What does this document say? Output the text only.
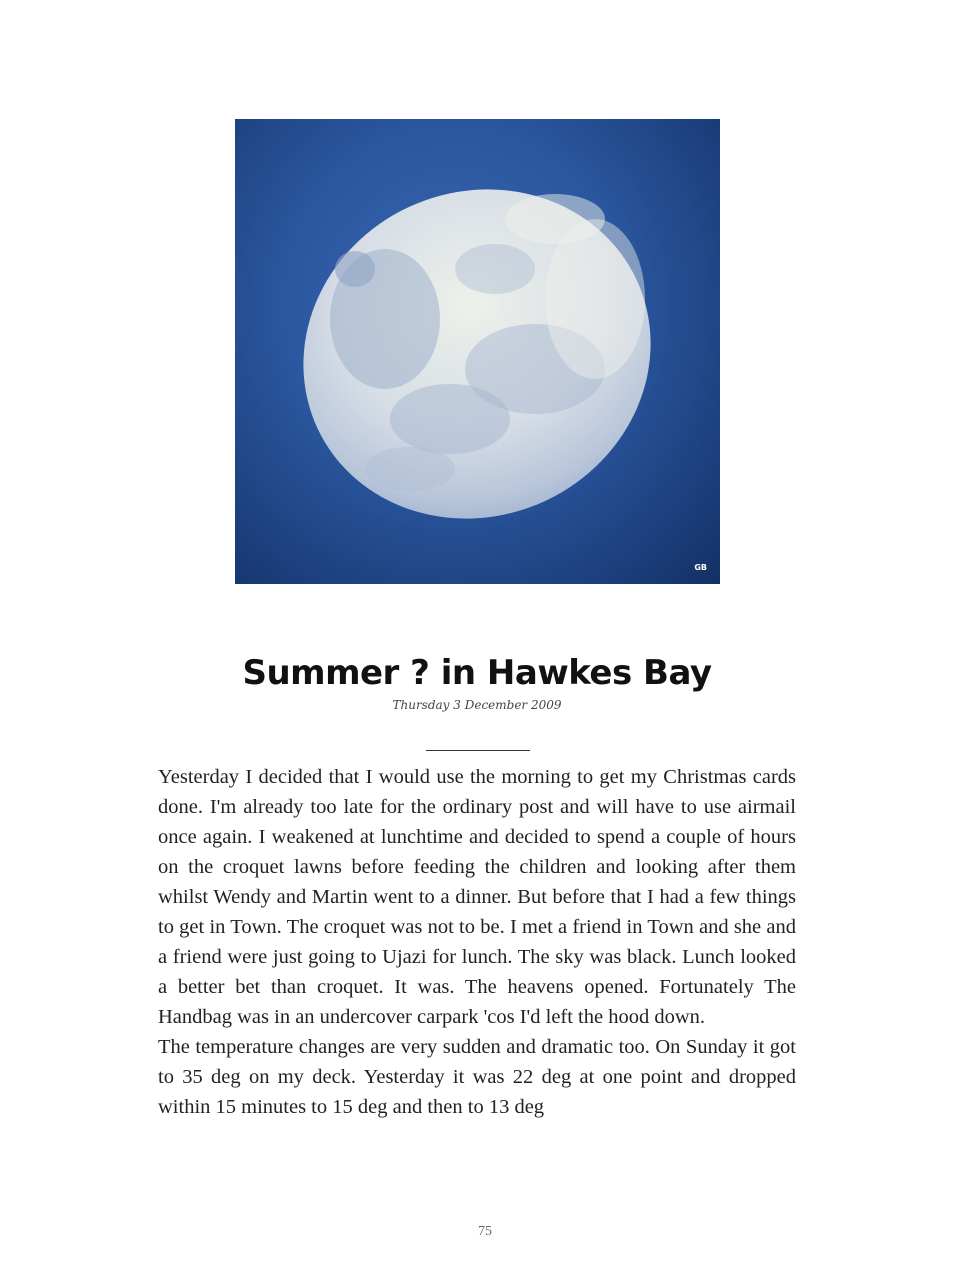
GB
Summer ? in Hawkes Bay
Thursday 3 December 2009

Yesterday I decided that I would use the morning to get my Christmas cards done. I'm already too late for the ordinary post and will have to use airmail once again. I weakened at lunchtime and decided to spend a couple of hours on the croquet lawns before feeding the children and looking after them whilst Wendy and Martin went to a dinner. But before that I had a few things to get in Town. The croquet was not to be. I met a friend in Town and she and a friend were just going to Ujazi for lunch. The sky was black. Lunch looked a better bet than croquet. It was. The heavens opened. Fortunately The Handbag was in an undercover carpark 'cos I'd left the hood down.

The temperature changes are very sudden and dramatic too. On Sunday it got to 35 deg on my deck. Yesterday it was 22 deg at one point and dropped within 15 minutes to 15 deg and then to 13 deg

75
